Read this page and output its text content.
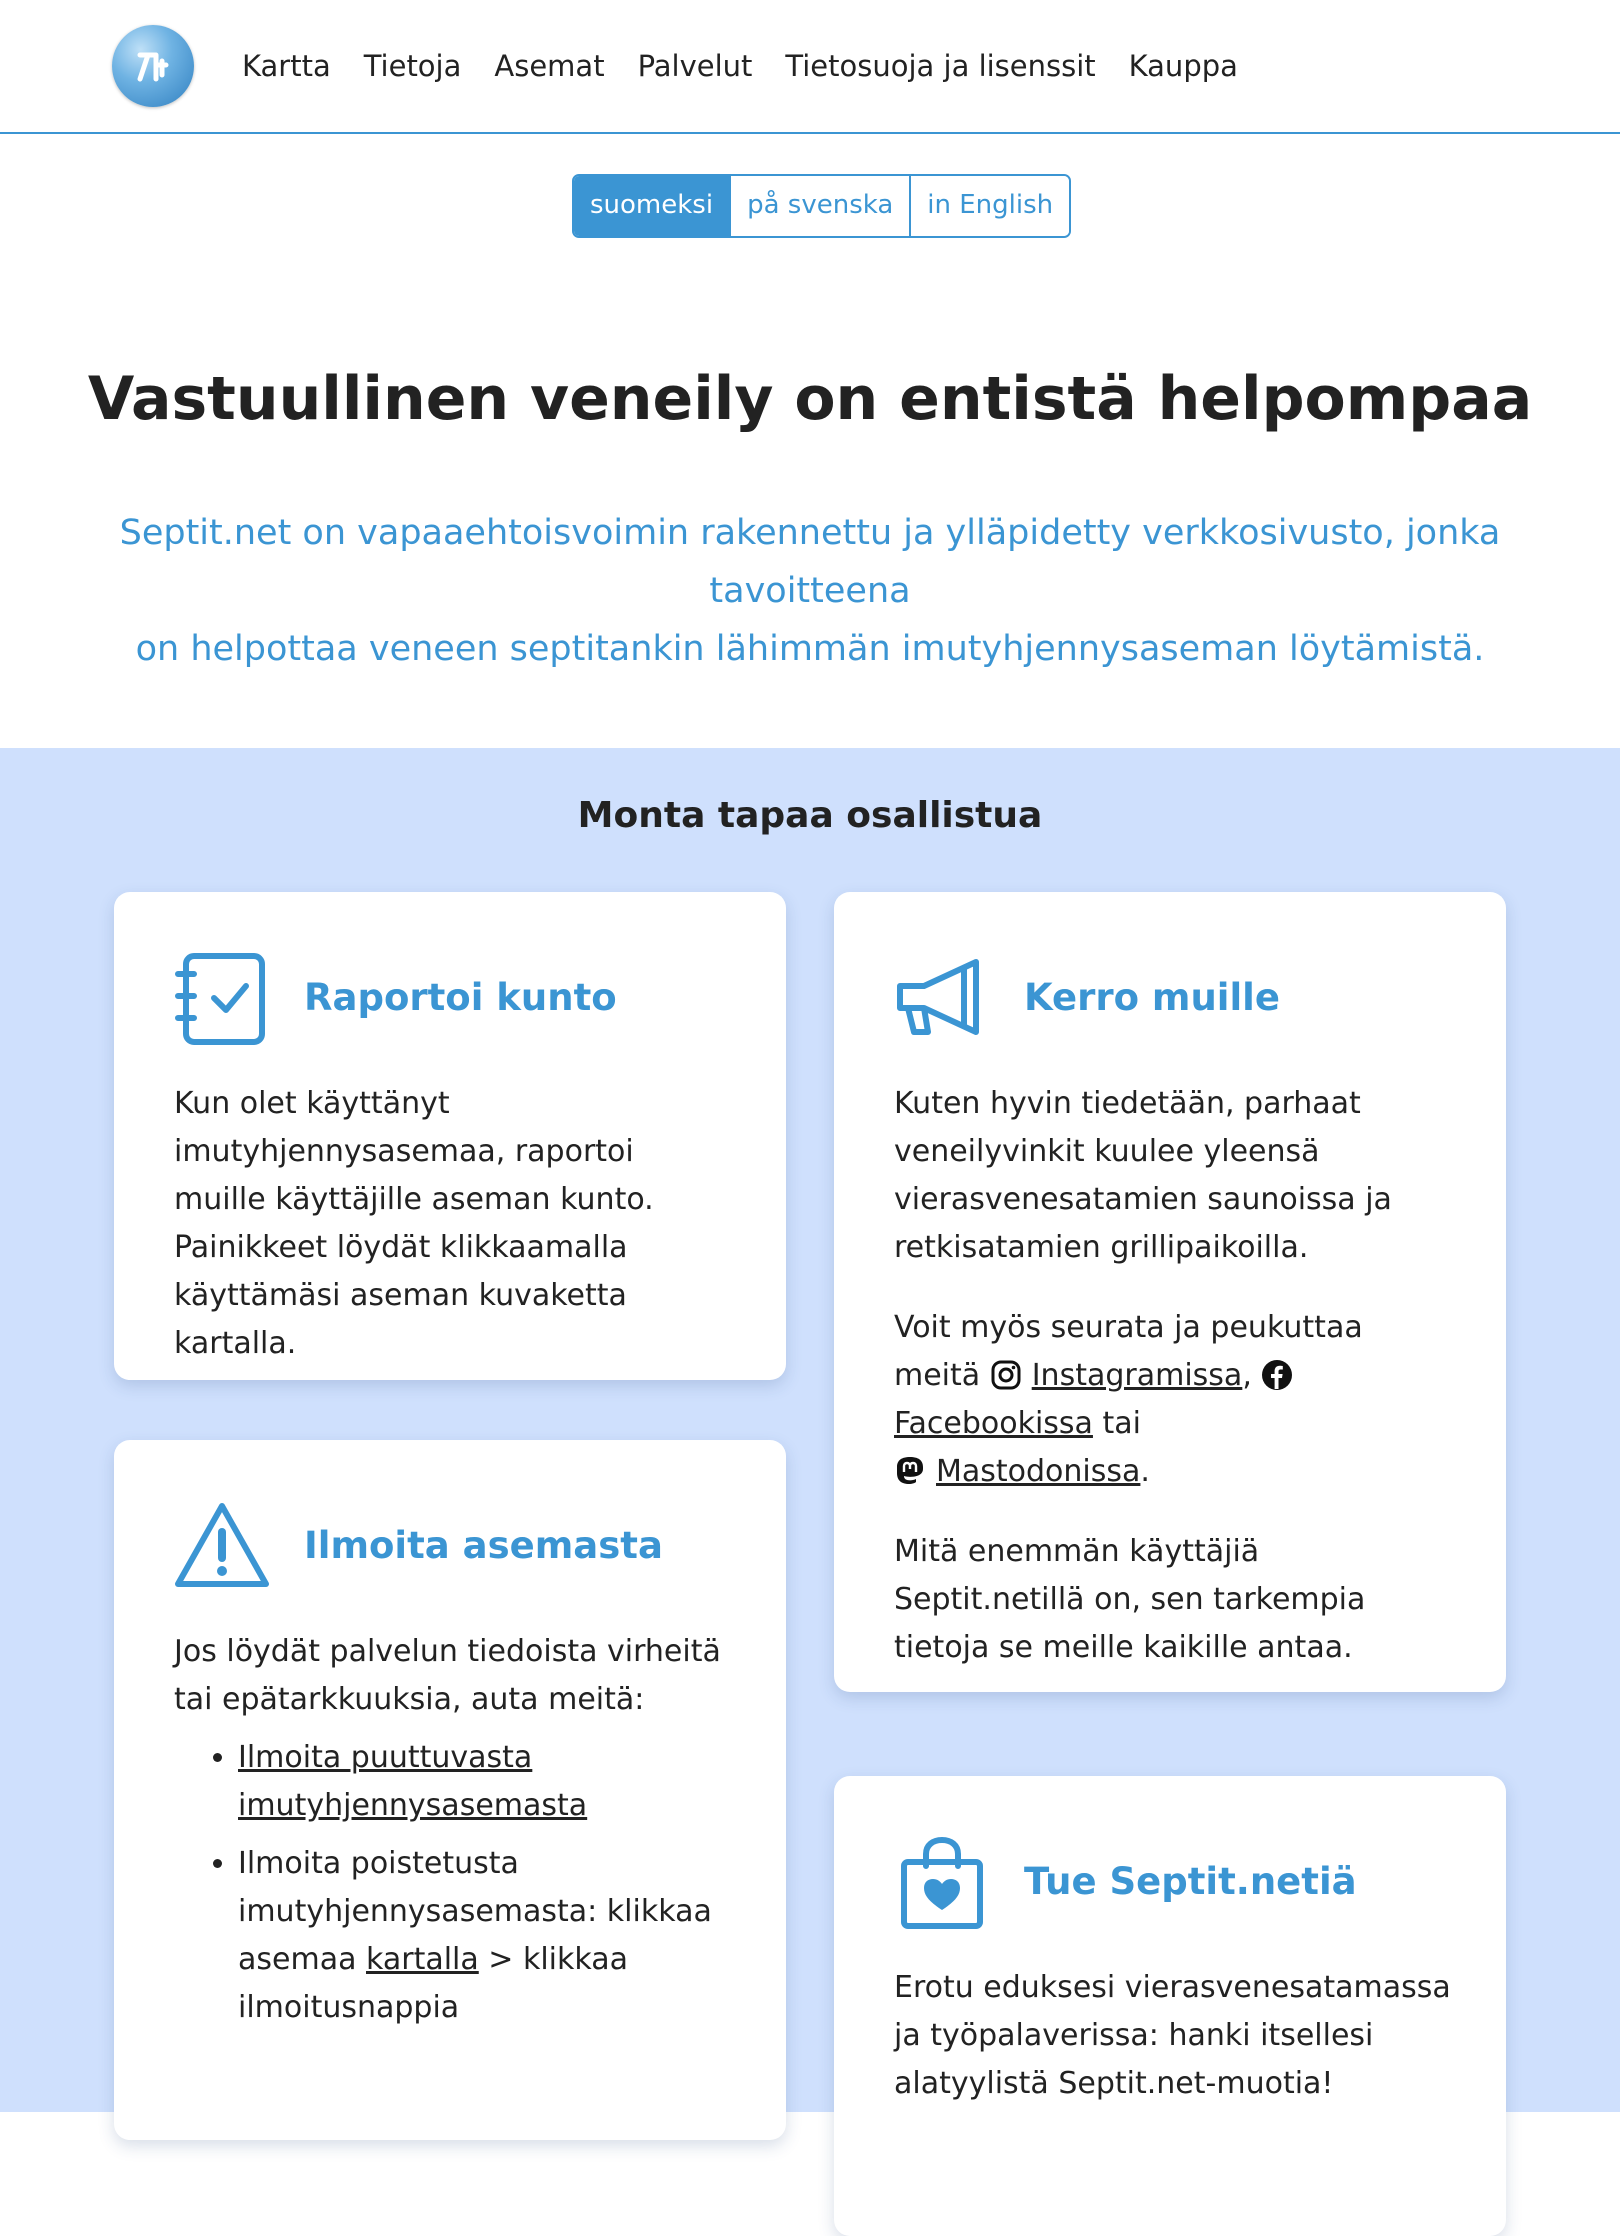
Kartta Tietoja Asemat Palvelut Tietosuoja ja lisenssit Kauppa
suomeksi	på svenska	in English
Vastuullinen veneily on entistä helpompaa
Septit.net on vapaaehtoisvoimin rakennettu ja ylläpidetty verkkosivusto, jonka tavoitteena
on helpottaa veneen septitankin lähimmän imutyhjennysaseman löytämistä.
Monta tapaa osallistua
Raportoi kunto

Kun olet käyttänyt imutyhjennysasemaa, raportoi muille käyttäjille aseman kunto. Painikkeet löydät klikkaamalla käyttämäsi aseman kuvaketta kartalla.

Ilmoita asemasta

Jos löydät palvelun tiedoista virheitä tai epätarkkuuksia, auta meitä:

• Ilmoita puuttuvasta imutyhjennysasemasta
• Ilmoita poistetusta imutyhjennysasemasta: klikkaa asemaa kartalla > klikkaa ilmoitusnappia
Kerro muille

Kuten hyvin tiedetään, parhaat veneilyvinkit kuulee yleensä vierasvenesatamien saunoissa ja retkisatamien grillipaikoilla.

Voit myös seurata ja peukuttaa meitä Instagramissa, Facebookissa tai
Mastodonissa.

Mitä enemmän käyttäjiä Septit.netillä on, sen tarkempia tietoja se meille kaikille antaa.

Tue Septit.netiä

Erotu eduksesi vierasvenesatamassa ja työpalaverissa: hanki itsellesi alatyylistä Septit.net-muotia!
